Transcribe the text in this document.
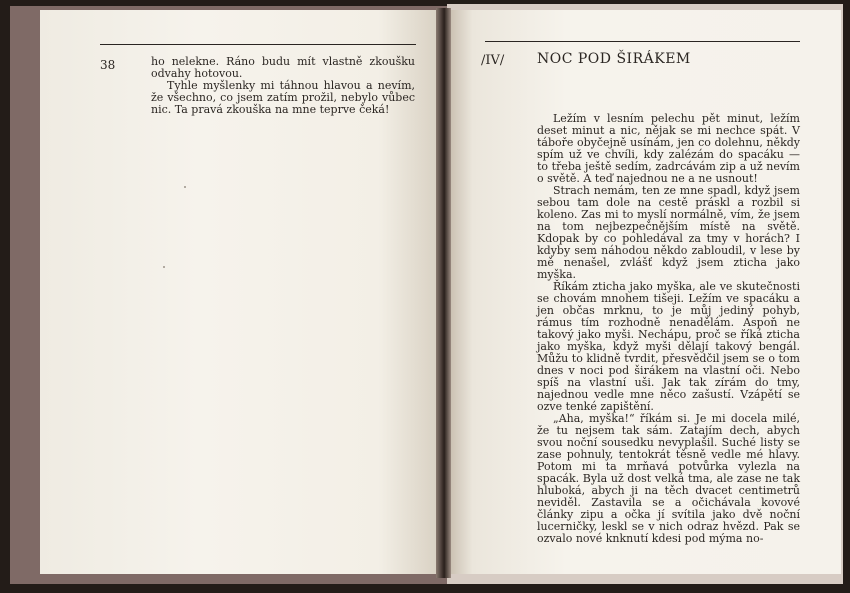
38	ho nelekne. Ráno budu mít vlastně zkoušku odvahy hotovou.

Tyhle myšlenky mi táhnou hlavou a nevím, že všechno, co jsem zatím prožil, nebylo vůbec nic. Ta pravá zkouška na mne teprve čeká!

/IV/ NOC POD ŠIRÁKEM

Ležím v lesním pelechu pět minut, ležím deset minut a nic, nějak se mi nechce spát. V táboře obyčejně usínám, jen co dolehnu, někdy spím už ve chvíli, kdy zalézám do spacáku — to třeba ještě sedím, zadrcávám zip a už nevím o světě. A teď najednou ne a ne usnout!

Strach nemám, ten ze mne spadl, když jsem sebou tam dole na cestě práskl a rozbil si koleno. Zas mi to myslí normálně, vím, že jsem na tom nejbezpečnějším místě na světě. Kdopak by co pohledával za tmy v horách? I kdyby sem náhodou někdo zabloudil, v lese by mě nenašel, zvlášť když jsem zticha jako myška.

Říkám zticha jako myška, ale ve skutečnosti se chovám mnohem tišeji. Ležím ve spacáku a jen občas mrknu, to je můj jediný pohyb, rámus tím rozhodně nenadělám. Aspoň ne takový jako myši. Nechápu, proč se říká zticha jako myška, když myši dělají takový bengál. Můžu to klidně tvrdit, přesvědčil jsem se o tom dnes v noci pod širákem na vlastní oči. Nebo spíš na vlastní uši. Jak tak zírám do tmy, najednou vedle mne něco zašustí. Vzápětí se ozve tenké zapištění.

„Aha, myška!“ říkám si. Je mi docela milé, že tu nejsem tak sám. Zatajím dech, abych svou noční sousedku nevyplašil. Suché listy se zase pohnuly, tentokrát těsně vedle mé hlavy. Potom mi ta mrňavá potvůrka vylezla na spacák. Byla už dost velká tma, ale zase ne tak hluboká, abych ji na těch dvacet centimetrů neviděl. Zastavila se a očichávala kovové články zipu a očka jí svítila jako dvě noční lucerničky, leskl se v nich odraz hvězd. Pak se ozvalo nové knknutí kdesi pod mýma no-
